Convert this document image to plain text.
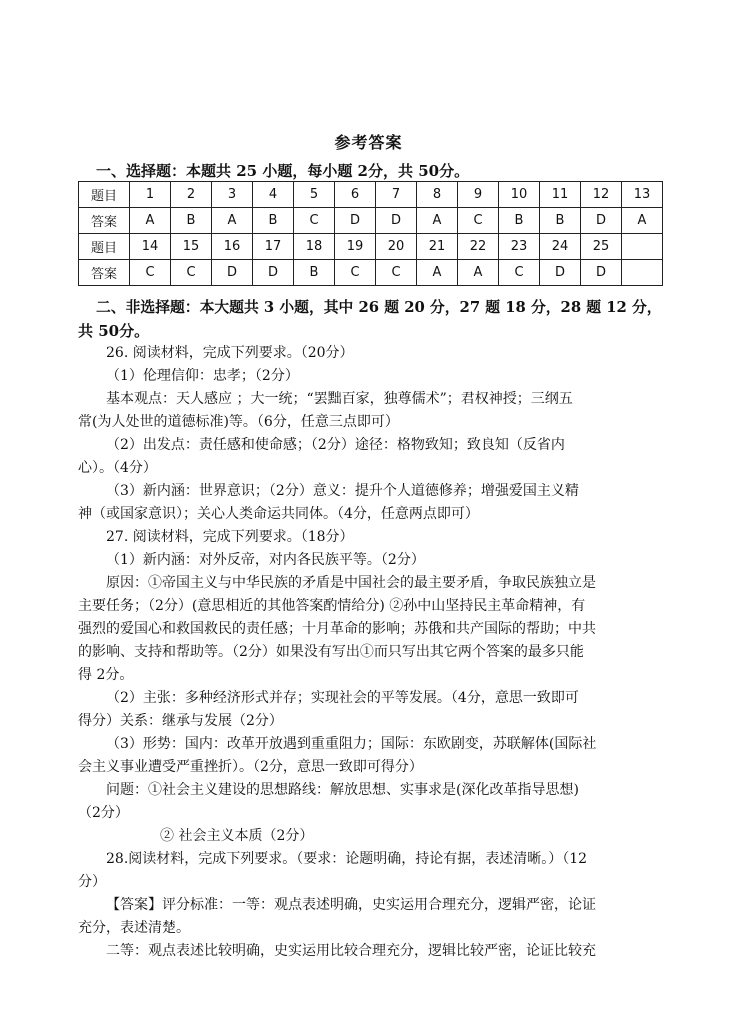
参考答案
一、选择题：本题共 25 小题，每小题 2分，共 50分。
题目	1	2	3	4	5	6	7	8	9	10	11	12	13
答案	A	B	A	B	C	D	D	A	C	B	B	D	A
题目	14	15	16	17	18	19	20	21	22	23	24	25	
答案	C	C	D	D	B	C	C	A	A	C	D	D	
二、非选择题：本大题共 3 小题，其中 26 题 20 分，27 题 18 分，28 题 12 分，
共 50分。
26. 阅读材料，完成下列要求。（20分）
（1）伦理信仰：忠孝；（2分）
基本观点：天人感应 ；大一统；“罢黜百家，独尊儒术”；君权神授；三纲五
常(为人处世的道德标准)等。（6分，任意三点即可）
（2）出发点：责任感和使命感；（2分）途径：格物致知；致良知（反省内
心）。（4分）
（3）新内涵：世界意识；（2分）意义：提升个人道德修养；增强爱国主义精
神（或国家意识）；关心人类命运共同体。（4分，任意两点即可）
27. 阅读材料，完成下列要求。（18分）
（1）新内涵：对外反帝，对内各民族平等。（2分）
原因：①帝国主义与中华民族的矛盾是中国社会的最主要矛盾，争取民族独立是
主要任务；（2分）(意思相近的其他答案酌情给分) ②孙中山坚持民主革命精神，有
强烈的爱国心和救国救民的责任感；十月革命的影响；苏俄和共产国际的帮助；中共
的影响、支持和帮助等。（2分）如果没有写出①而只写出其它两个答案的最多只能
得 2分。
（2）主张：多种经济形式并存；实现社会的平等发展。（4分，意思一致即可
得分）关系：继承与发展（2分）
（3）形势：国内：改革开放遇到重重阻力；国际：东欧剧变，苏联解体(国际社
会主义事业遭受严重挫折）。（2分，意思一致即可得分）
问题：①社会主义建设的思想路线：解放思想、实事求是(深化改革指导思想)
（2分）
② 社会主义本质（2分）
28.阅读材料，完成下列要求。（要求：论题明确，持论有据，表述清晰。）（12
分）
【答案】评分标准：一等：观点表述明确，史实运用合理充分，逻辑严密，论证
充分，表述清楚。
二等：观点表述比较明确，史实运用比较合理充分，逻辑比较严密，论证比较充
